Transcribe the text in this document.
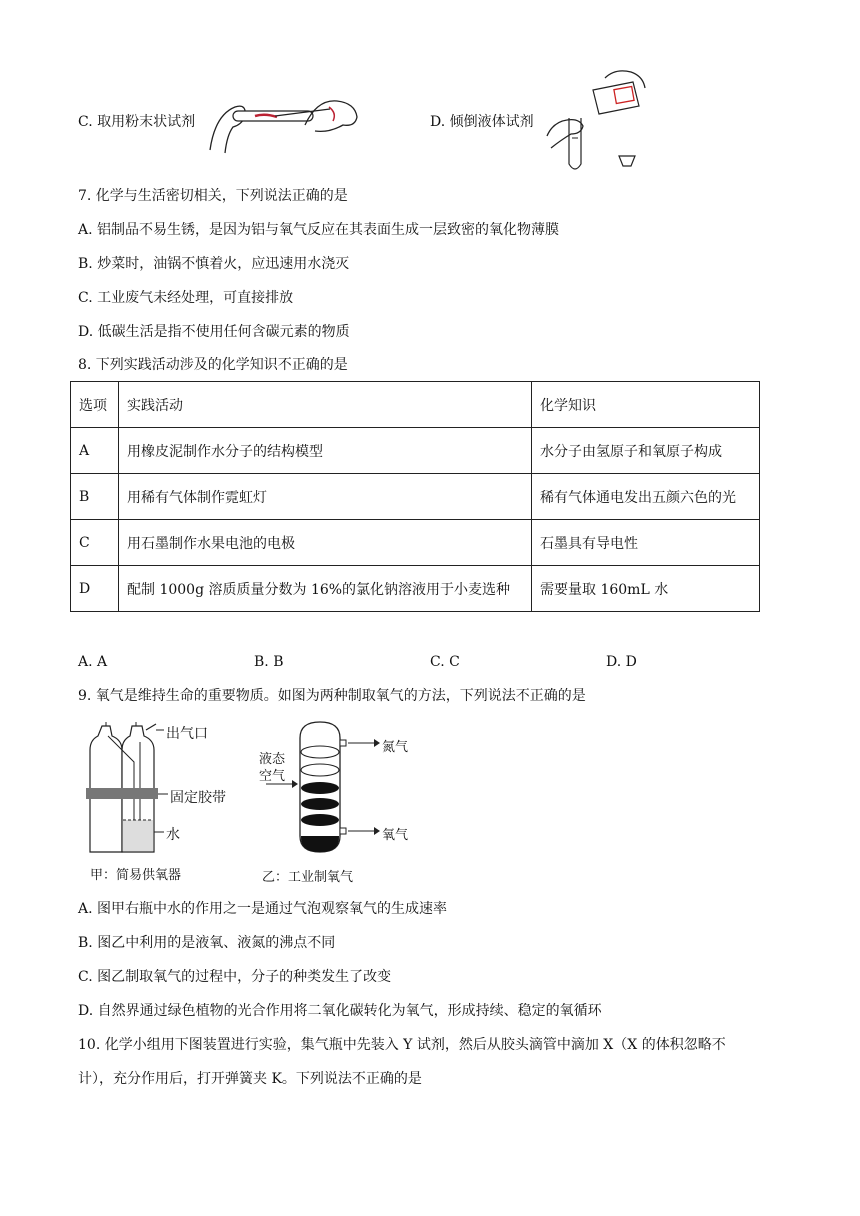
C. 取用粉末状试剂	D. 倾倒液体试剂
7. 化学与生活密切相关，下列说法正确的是
A. 铝制品不易生锈，是因为铝与氧气反应在其表面生成一层致密的氧化物薄膜
B. 炒菜时，油锅不慎着火，应迅速用水浇灭
C. 工业废气未经处理，可直接排放
D. 低碳生活是指不使用任何含碳元素的物质
8. 下列实践活动涉及的化学知识不正确的是
选项	实践活动	化学知识
A	用橡皮泥制作水分子的结构模型	水分子由氢原子和氧原子构成
B	用稀有气体制作霓虹灯	稀有气体通电发出五颜六色的光
C	用石墨制作水果电池的电极	石墨具有导电性
D	配制 1000g 溶质质量分数为 16%的氯化钠溶液用于小麦选种	需要量取 160mL 水
A. A	B. B	C. C	D. D
9. 氧气是维持生命的重要物质。如图为两种制取氧气的方法，下列说法不正确的是
出气口
固定胶带
水
甲：简易供氧器
液态
空气
氮气
氧气
乙：工业制氧气
A. 图甲右瓶中水的作用之一是通过气泡观察氧气的生成速率
B. 图乙中利用的是液氧、液氮的沸点不同
C. 图乙制取氧气的过程中，分子的种类发生了改变
D. 自然界通过绿色植物的光合作用将二氧化碳转化为氧气，形成持续、稳定的氧循环
10. 化学小组用下图装置进行实验，集气瓶中先装入 Y 试剂，然后从胶头滴管中滴加 X（X 的体积忽略不
计），充分作用后，打开弹簧夹 K。下列说法不正确的是
